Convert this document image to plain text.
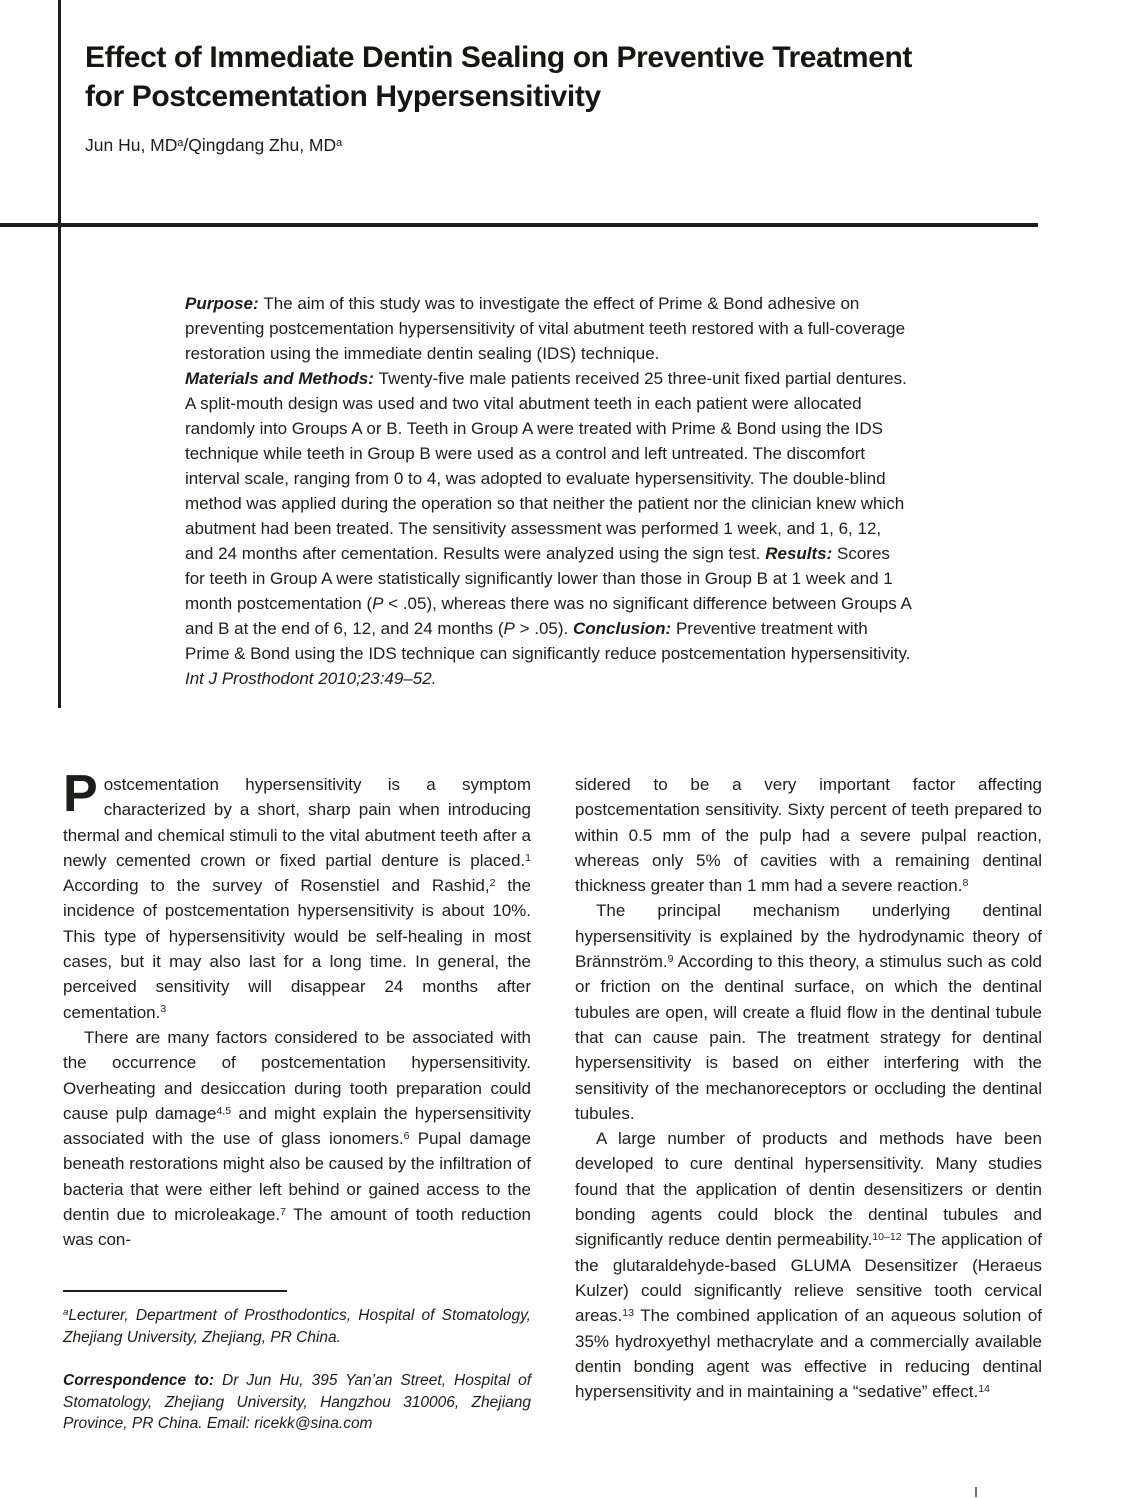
Effect of Immediate Dentin Sealing on Preventive Treatment
for Postcementation Hypersensitivity
Jun Hu, $MD^a$/Qingdang Zhu, $MD^a$

Purpose: The aim of this study was to investigate the effect of Prime & Bond adhesive on preventing postcementation hypersensitivity of vital abutment teeth restored with a full-coverage restoration using the immediate dentin sealing (IDS) technique.

Materials and Methods: Twenty-five male patients received 25 three-unit fixed partial dentures. A split-mouth design was used and two vital abutment teeth in each patient were allocated randomly into Groups A or B. Teeth in Group A were treated with Prime & Bond using the IDS technique while teeth in Group B were used as a control and left untreated. The discomfort interval scale, ranging from 0 to 4, was adopted to evaluate hypersensitivity. The double-blind method was applied during the operation so that neither the patient nor the clinician knew which abutment had been treated. The sensitivity assessment was performed 1 week, and 1, 6, 12, and 24 months after cementation. Results were analyzed using the sign test. Results: Scores for teeth in Group A were statistically significantly lower than those in Group B at 1 week and 1 month postcementation (P < .05), whereas there was no significant difference between Groups A and B at the end of 6, 12, and 24 months (P > .05). Conclusion: Preventive treatment with Prime & Bond using the IDS technique can significantly reduce postcementation hypersensitivity. Int J Prosthodont 2010;23:49–52.

Postcementation hypersensitivity is a symptom characterized by a short, sharp pain when introducing thermal and chemical stimuli to the vital abutment teeth after a newly cemented crown or fixed partial denture is placed.$^1$ According to the survey of Rosenstiel and Rashid,$^2$ the incidence of postcementation hypersensitivity is about 10%. This type of hypersensitivity would be self-healing in most cases, but it may also last for a long time. In general, the perceived sensitivity will disappear 24 months after cementation.$^3$

There are many factors considered to be associated with the occurrence of postcementation hypersensitivity. Overheating and desiccation during tooth preparation could cause pulp damage$^{4,5}$ and might explain the hypersensitivity associated with the use of glass ionomers.$^6$ Pupal damage beneath restorations might also be caused by the infiltration of bacteria that were either left behind or gained access to the dentin due to microleakage.$^7$ The amount of tooth reduction was con-

sidered to be a very important factor affecting postcementation sensitivity. Sixty percent of teeth prepared to within 0.5 mm of the pulp had a severe pulpal reaction, whereas only 5% of cavities with a remaining dentinal thickness greater than 1 mm had a severe reaction.$^8$

The principal mechanism underlying dentinal hypersensitivity is explained by the hydrodynamic theory of Brännström.$^9$ According to this theory, a stimulus such as cold or friction on the dentinal surface, on which the dentinal tubules are open, will create a fluid flow in the dentinal tubule that can cause pain. The treatment strategy for dentinal hypersensitivity is based on either interfering with the sensitivity of the mechanoreceptors or occluding the dentinal tubules.

A large number of products and methods have been developed to cure dentinal hypersensitivity. Many studies found that the application of dentin desensitizers or dentin bonding agents could block the dentinal tubules and significantly reduce dentin permeability.$^{10-12}$ The application of the glutaraldehyde-based GLUMA Desensitizer (Heraeus Kulzer) could significantly relieve sensitive tooth cervical areas.$^{13}$ The combined application of an aqueous solution of 35% hydroxyethyl methacrylate and a commercially available dentin bonding agent was effective in reducing dentinal hypersensitivity and in maintaining a “sedative” effect.$^{14}$

$^a$Lecturer, Department of Prosthodontics, Hospital of Stomatology, Zhejiang University, Zhejiang, PR China.

Correspondence to: Dr Jun Hu, 395 Yan’an Street, Hospital of Stomatology, Zhejiang University, Hangzhou 310006, Zhejiang Province, PR China. Email: ricekk@sina.com
